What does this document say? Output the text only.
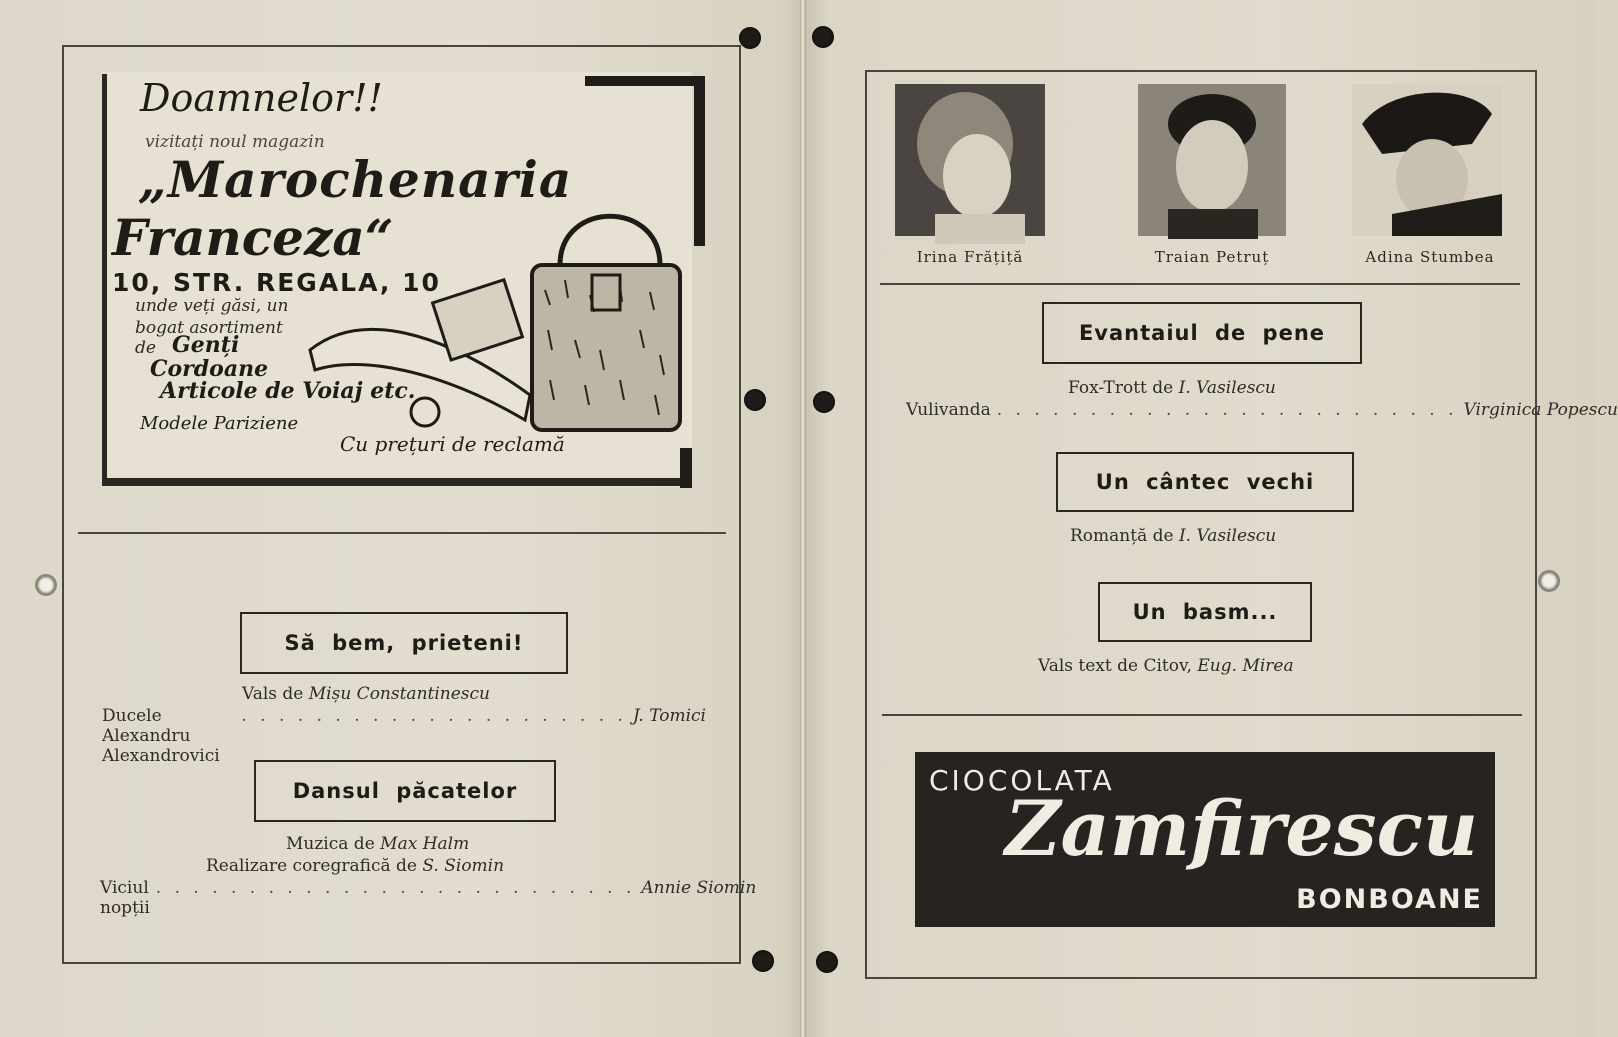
Doamnelor!!
vizitați noul magazin
„Marochenaria
Franceza“
10, STR. REGALA, 10
unde veți găsi, un
bogat asortiment
de Genți
Cordoane
Articole de Voiaj etc.
Modele Pariziene
Cu prețuri de reclamă
Să bem, prieteni!
Vals de Mișu Constantinescu
Ducele Alexandru Alexandrovici
. . . . . . . . . . . . . . . . . . . . . J. Tomici
Dansul păcatelor
Muzica de Max Halm
Realizare coregrafică de S. Siomin
Viciul nopții
. . . . . . . . . . . . . . . . . . . . . . . . . . Annie Siomin
Irina Frățiță	Traian Petruț	Adina Stumbea
Evantaiul de pene
Fox-Trott de I. Vasilescu
Vulivanda . . . . . . . . . . . . . . . . . . . . . . . . . Virginica Popescu
Un cântec vechi
Romanță de I. Vasilescu
Un basm...
Vals text de Citov, Eug. Mirea
CIOCOLATA
Zamfirescu
BONBOANE
